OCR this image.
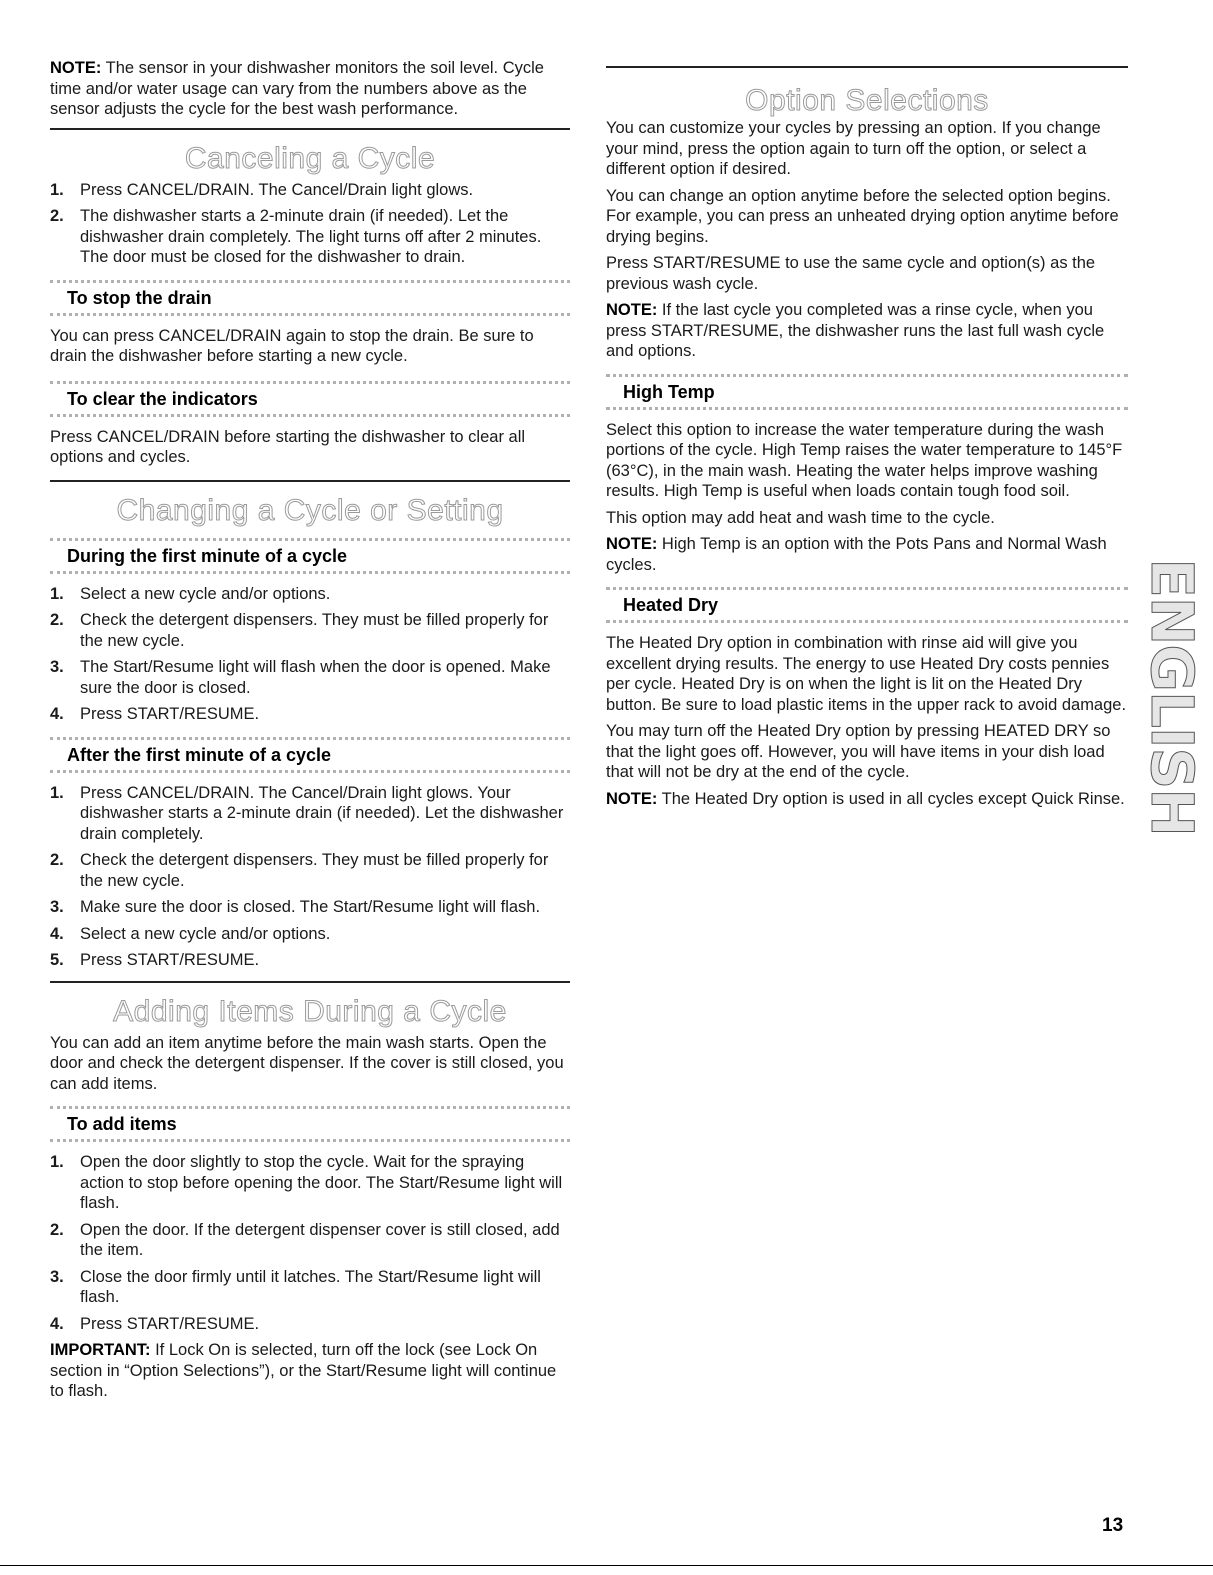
NOTE: The sensor in your dishwasher monitors the soil level. Cycle time and/or water usage can vary from the numbers above as the sensor adjusts the cycle for the best wash performance.

Canceling a Cycle
1. Press CANCEL/DRAIN. The Cancel/Drain light glows.
2. The dishwasher starts a 2-minute drain (if needed). Let the dishwasher drain completely. The light turns off after 2 minutes. The door must be closed for the dishwasher to drain.
To stop the drain

You can press CANCEL/DRAIN again to stop the drain. Be sure to drain the dishwasher before starting a new cycle.

To clear the indicators

Press CANCEL/DRAIN before starting the dishwasher to clear all options and cycles.

Changing a Cycle or Setting
During the first minute of a cycle
1. Select a new cycle and/or options.
2. Check the detergent dispensers. They must be filled properly for the new cycle.
3. The Start/Resume light will flash when the door is opened. Make sure the door is closed.
4. Press START/RESUME.
After the first minute of a cycle
1. Press CANCEL/DRAIN. The Cancel/Drain light glows. Your dishwasher starts a 2-minute drain (if needed). Let the dishwasher drain completely.
2. Check the detergent dispensers. They must be filled properly for the new cycle.
3. Make sure the door is closed. The Start/Resume light will flash.
4. Select a new cycle and/or options.
5. Press START/RESUME.
Adding Items During a Cycle

You can add an item anytime before the main wash starts. Open the door and check the detergent dispenser. If the cover is still closed, you can add items.

To add items
1. Open the door slightly to stop the cycle. Wait for the spraying action to stop before opening the door. The Start/Resume light will flash.
2. Open the door. If the detergent dispenser cover is still closed, add the item.
3. Close the door firmly until it latches. The Start/Resume light will flash.
4. Press START/RESUME.

IMPORTANT: If Lock On is selected, turn off the lock (see Lock On section in “Option Selections”), or the Start/Resume light will continue to flash.

Option Selections

You can customize your cycles by pressing an option. If you change your mind, press the option again to turn off the option, or select a different option if desired.

You can change an option anytime before the selected option begins. For example, you can press an unheated drying option anytime before drying begins.

Press START/RESUME to use the same cycle and option(s) as the previous wash cycle.

NOTE: If the last cycle you completed was a rinse cycle, when you press START/RESUME, the dishwasher runs the last full wash cycle and options.

High Temp

Select this option to increase the water temperature during the wash portions of the cycle. High Temp raises the water temperature to 145°F (63°C), in the main wash. Heating the water helps improve washing results. High Temp is useful when loads contain tough food soil.

This option may add heat and wash time to the cycle.

NOTE: High Temp is an option with the Pots Pans and Normal Wash cycles.

Heated Dry

The Heated Dry option in combination with rinse aid will give you excellent drying results. The energy to use Heated Dry costs pennies per cycle. Heated Dry is on when the light is lit on the Heated Dry button. Be sure to load plastic items in the upper rack to avoid damage.

You may turn off the Heated Dry option by pressing HEATED DRY so that the light goes off. However, you will have items in your dish load that will not be dry at the end of the cycle.

NOTE: The Heated Dry option is used in all cycles except Quick Rinse. ENGLISH
13
